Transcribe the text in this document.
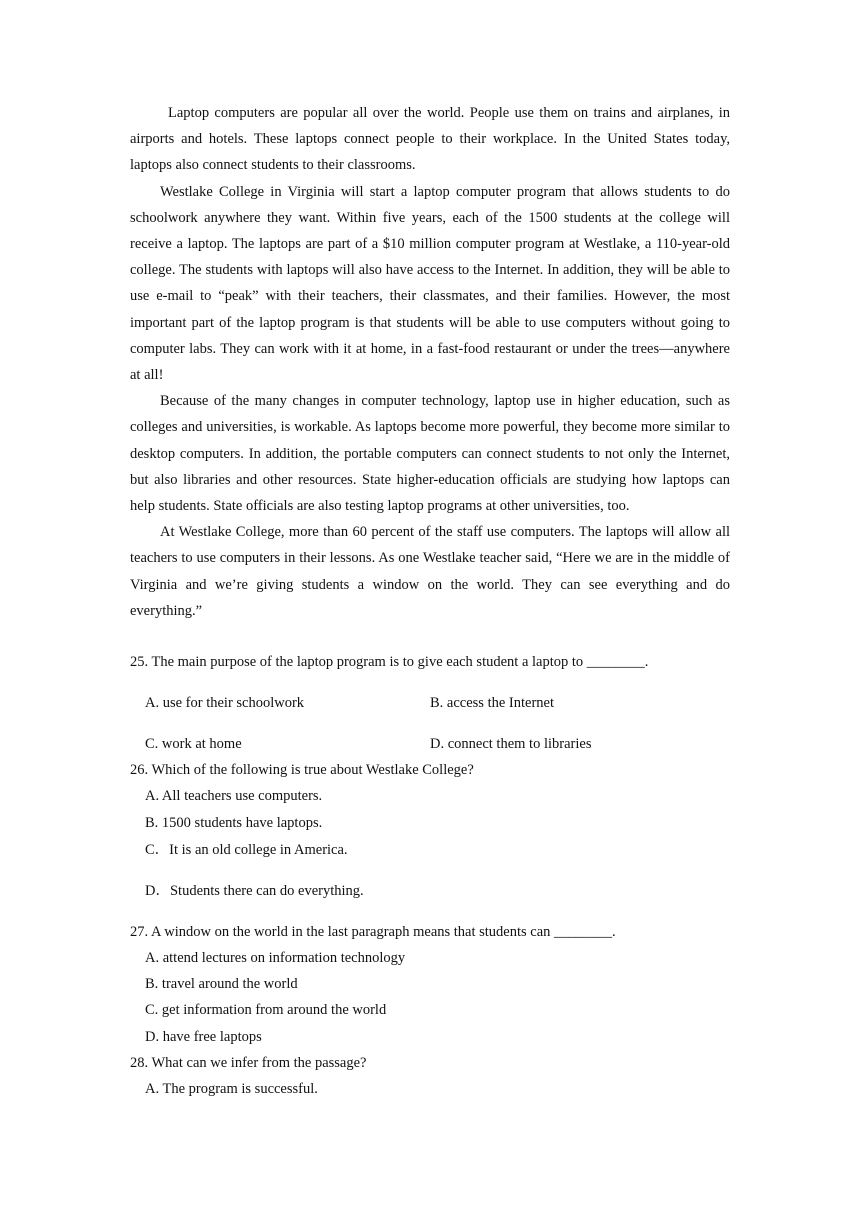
Laptop computers are popular all over the world. People use them on trains and airplanes, in airports and hotels. These laptops connect people to their workplace. In the United States today, laptops also connect students to their classrooms.

Westlake College in Virginia will start a laptop computer program that allows students to do schoolwork anywhere they want. Within five years, each of the 1500 students at the college will receive a laptop. The laptops are part of a $10 million computer program at Westlake, a 110-year-old college. The students with laptops will also have access to the Internet. In addition, they will be able to use e-mail to “peak” with their teachers, their classmates, and their families. However, the most important part of the laptop program is that students will be able to use computers without going to computer labs. They can work with it at home, in a fast-food restaurant or under the trees—anywhere at all!

Because of the many changes in computer technology, laptop use in higher education, such as colleges and universities, is workable. As laptops become more powerful, they become more similar to desktop computers. In addition, the portable computers can connect students to not only the Internet, but also libraries and other resources. State higher-education officials are studying how laptops can help students. State officials are also testing laptop programs at other universities, too.

At Westlake College, more than 60 percent of the staff use computers. The laptops will allow all teachers to use computers in their lessons. As one Westlake teacher said, “Here we are in the middle of Virginia and we’re giving students a window on the world. They can see everything and do everything.”

25. The main purpose of the laptop program is to give each student a laptop to ________.
A. use for their schoolwork	B. access the Internet
C. work at home	D. connect them to libraries
26. Which of the following is true about Westlake College?
A. All teachers use computers.
B. 1500 students have laptops.
C．It is an old college in America.
D．Students there can do everything.
27. A window on the world in the last paragraph means that students can ________.
A. attend lectures on information technology
B. travel around the world
C. get information from around the world
D. have free laptops
28. What can we infer from the passage?
A. The program is successful.
